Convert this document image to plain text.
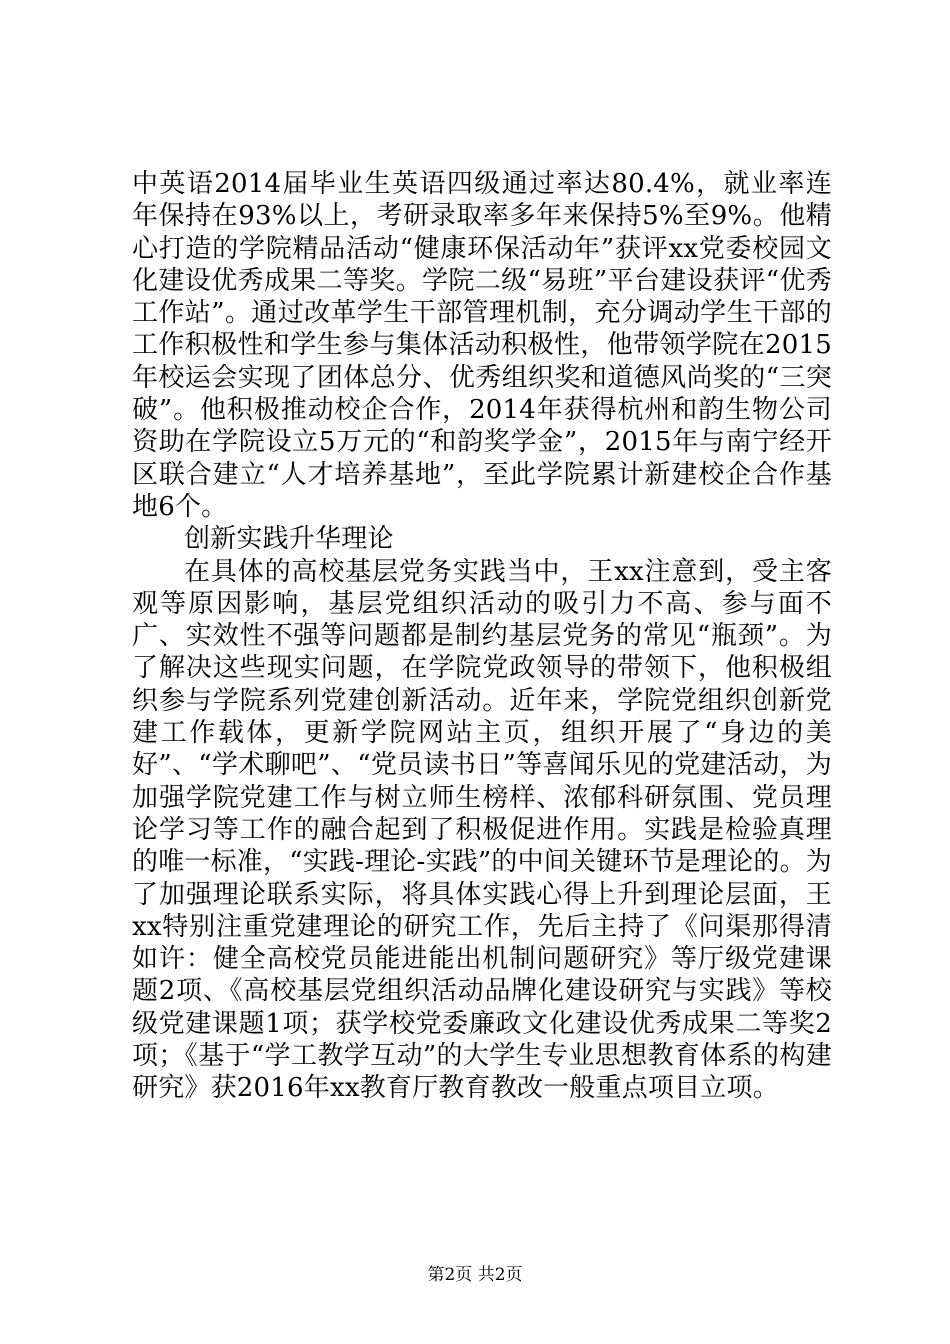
中英语2014届毕业生英语四级通过率达80.4%，就业率连年保持在93%以上，考研录取率多年来保持5%至9%。他精心打造的学院精品活动“健康环保活动年”获评xx党委校园文化建设优秀成果二等奖。学院二级“易班”平台建设获评“优秀工作站”。通过改革学生干部管理机制，充分调动学生干部的工作积极性和学生参与集体活动积极性，他带领学院在2015年校运会实现了团体总分、优秀组织奖和道德风尚奖的“三突破”。他积极推动校企合作，2014年获得杭州和韵生物公司资助在学院设立5万元的“和韵奖学金”，2015年与南宁经开区联合建立“人才培养基地”，至此学院累计新建校企合作基地6个。

创新实践升华理论

在具体的高校基层党务实践当中，王xx注意到，受主客观等原因影响，基层党组织活动的吸引力不高、参与面不广、实效性不强等问题都是制约基层党务的常见“瓶颈”。为了解决这些现实问题，在学院党政领导的带领下，他积极组织参与学院系列党建创新活动。近年来，学院党组织创新党建工作载体，更新学院网站主页，组织开展了“身边的美好”、“学术聊吧”、“党员读书日”等喜闻乐见的党建活动，为加强学院党建工作与树立师生榜样、浓郁科研氛围、党员理论学习等工作的融合起到了积极促进作用。实践是检验真理的唯一标准，“实践-理论-实践”的中间关键环节是理论的。为了加强理论联系实际，将具体实践心得上升到理论层面，王xx特别注重党建理论的研究工作，先后主持了《问渠那得清如许：健全高校党员能进能出机制问题研究》等厅级党建课题2项、《高校基层党组织活动品牌化建设研究与实践》等校级党建课题1项；获学校党委廉政文化建设优秀成果二等奖2项；《基于“学工教学互动”的大学生专业思想教育体系的构建研究》获2016年xx教育厅教育教改一般重点项目立项。

第2页 共2页
